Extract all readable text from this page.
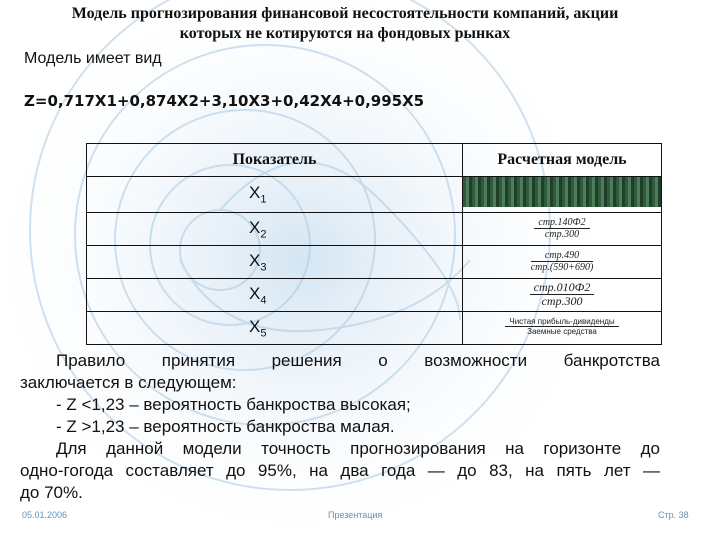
Модель прогнозирования финансовой несостоятельности компаний, акции
которых не котируются на фондовых рынках
Модель имеет вид
Z=0,717X1+0,874X2+3,10X3+0,42X4+0,995X5
Показатель	Расчетная модель
$X_1$	
$X_2$	$\frac{\text{стр.140Ф2}}{\text{стр.300}}$

$X_3$	$\frac{\text{стр.490}}{\text{стр.(590+690)}}$

$X_4$	$\frac{\text{стр.010Ф2}}{\text{стр.300}}$

$X_5$	$\frac{\text{Чистая прибыль-дивиденды}}{\text{Заемные средства}}$

Правило принятия решения о возможности банкротства

заключается в следующем:

- Z <1,23 – вероятность банкроства высокая;

- Z >1,23 – вероятность банкроства малая.

Для данной модели точность прогнозирования на горизонте до

одно-гогода составляет до 95%, на два года — до 83, на пять лет —

до 70%.

05.01.2006	Презентация	Стр. 38
